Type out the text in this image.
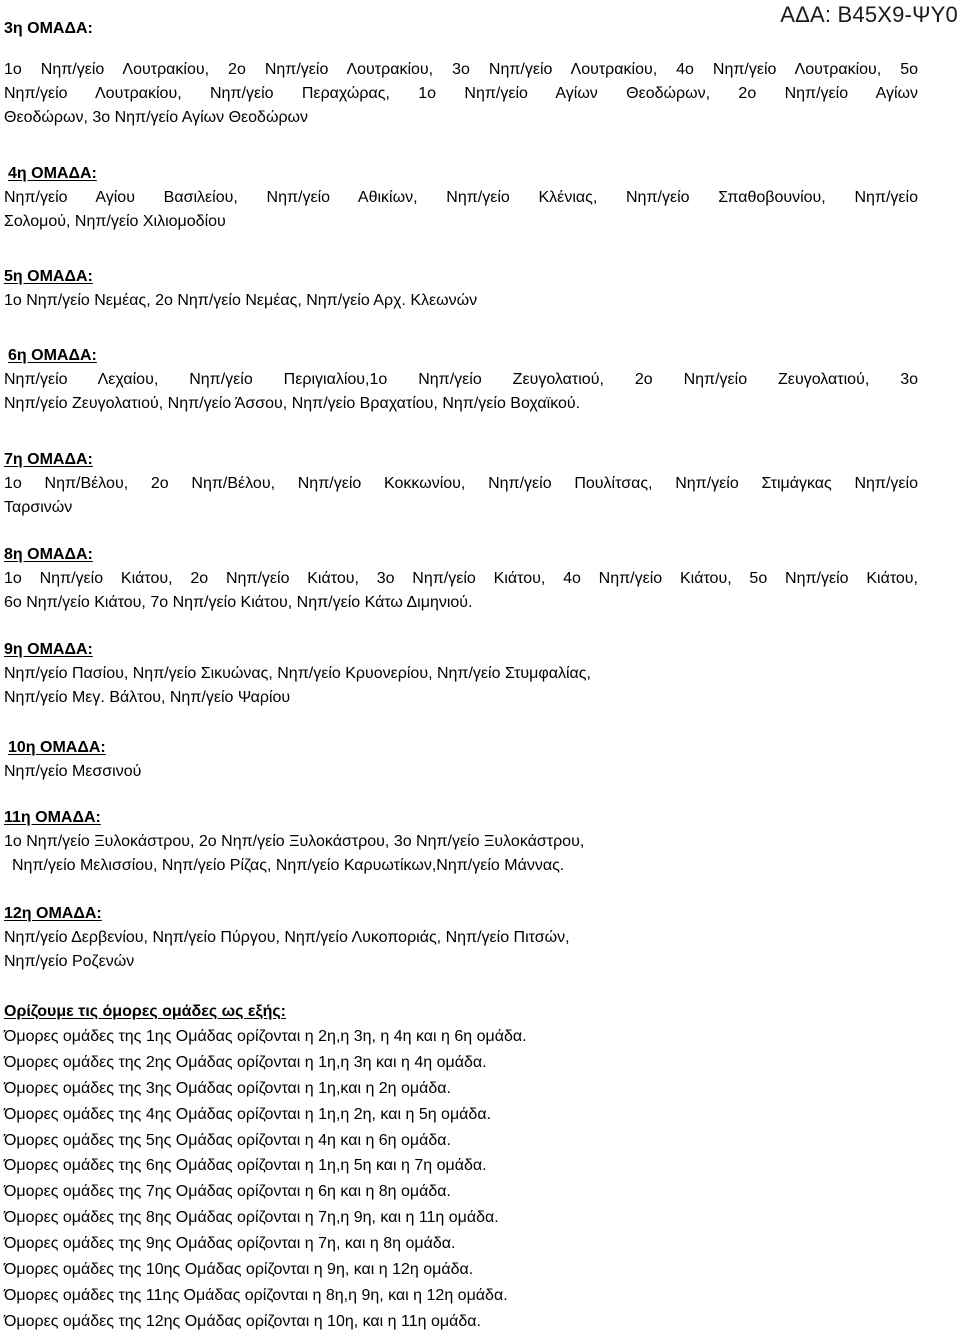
ΑΔΑ: Β45Χ9-ΨΥ0
3η ΟΜΑΔΑ:
1ο Νηπ/γείο Λουτρακίου, 2ο Νηπ/γείο Λουτρακίου, 3ο Νηπ/γείο Λουτρακίου, 4ο Νηπ/γείο Λουτρακίου, 5ο
Νηπ/γείο Λουτρακίου, Νηπ/γείο Περαχώρας, 1ο Νηπ/γείο Αγίων Θεοδώρων, 2ο Νηπ/γείο Αγίων
Θεοδώρων, 3ο Νηπ/γείο Αγίων Θεοδώρων
4η ΟΜΑΔΑ:
Νηπ/γείο Αγίου Βασιλείου, Νηπ/γείο Αθικίων, Νηπ/γείο Κλένιας, Νηπ/γείο Σπαθοβουνίου, Νηπ/γείο
Σολομού, Νηπ/γείο Χιλιομοδίου
5η ΟΜΑΔΑ:
1ο Νηπ/γείο Νεμέας, 2ο Νηπ/γείο Νεμέας, Νηπ/γείο Αρχ. Κλεωνών
6η ΟΜΑΔΑ:
Νηπ/γείο Λεχαίου, Νηπ/γείο Περιγιαλίου,1ο Νηπ/γείο Ζευγολατιού, 2ο Νηπ/γείο Ζευγολατιού, 3ο
Νηπ/γείο Ζευγολατιού, Νηπ/γείο Άσσου, Νηπ/γείο Βραχατίου, Νηπ/γείο Βοχαϊκού.
7η ΟΜΑΔΑ:
1ο Νηπ/Βέλου, 2ο Νηπ/Βέλου, Νηπ/γείο Κοκκωνίου, Νηπ/γείο Πουλίτσας, Νηπ/γείο Στιμάγκας Νηπ/γείο
Ταρσινών
8η ΟΜΑΔΑ:
1ο Νηπ/γείο Κιάτου, 2ο Νηπ/γείο Κιάτου, 3ο Νηπ/γείο Κιάτου, 4ο Νηπ/γείο Κιάτου, 5ο Νηπ/γείο Κιάτου,
6ο Νηπ/γείο Κιάτου, 7ο Νηπ/γείο Κιάτου, Νηπ/γείο Κάτω Διμηνιού.
9η ΟΜΑΔΑ:
Νηπ/γείο Πασίου, Νηπ/γείο Σικυώνας, Νηπ/γείο Κρυονερίου, Νηπ/γείο Στυμφαλίας,
Νηπ/γείο Μεγ. Βάλτου, Νηπ/γείο Ψαρίου
10η ΟΜΑΔΑ:
Νηπ/γείο Μεσσινού
11η ΟΜΑΔΑ:
1ο Νηπ/γείο Ξυλοκάστρου, 2ο Νηπ/γείο Ξυλοκάστρου, 3ο Νηπ/γείο Ξυλοκάστρου,
Νηπ/γείο Μελισσίου, Νηπ/γείο Ρίζας, Νηπ/γείο Καρυωτίκων,Νηπ/γείο Μάννας.
12η ΟΜΑΔΑ:
Νηπ/γείο Δερβενίου, Νηπ/γείο Πύργου, Νηπ/γείο Λυκοποριάς, Νηπ/γείο Πιτσών,
Νηπ/γείο Ροζενών
Ορίζουμε τις όμορες ομάδες ως εξής:
Όμορες ομάδες της 1ης Ομάδας ορίζονται η 2η,η 3η, η 4η και η 6η ομάδα.
Όμορες ομάδες της 2ης Ομάδας ορίζονται η 1η,η 3η και η 4η ομάδα.
Όμορες ομάδες της 3ης Ομάδας ορίζονται η 1η,και η 2η ομάδα.
Όμορες ομάδες της 4ης Ομάδας ορίζονται η 1η,η 2η, και η 5η ομάδα.
Όμορες ομάδες της 5ης Ομάδας ορίζονται η 4η και η 6η ομάδα.
Όμορες ομάδες της 6ης Ομάδας ορίζονται η 1η,η 5η και η 7η ομάδα.
Όμορες ομάδες της 7ης Ομάδας ορίζονται η 6η και η 8η ομάδα.
Όμορες ομάδες της 8ης Ομάδας ορίζονται η 7η,η 9η, και η 11η ομάδα.
Όμορες ομάδες της 9ης Ομάδας ορίζονται η 7η, και η 8η ομάδα.
Όμορες ομάδες της 10ης Ομάδας ορίζονται η 9η, και η 12η ομάδα.
Όμορες ομάδες της 11ης Ομάδας ορίζονται η 8η,η 9η, και η 12η ομάδα.
Όμορες ομάδες της 12ης Ομάδας ορίζονται η 10η, και η 11η ομάδα.
